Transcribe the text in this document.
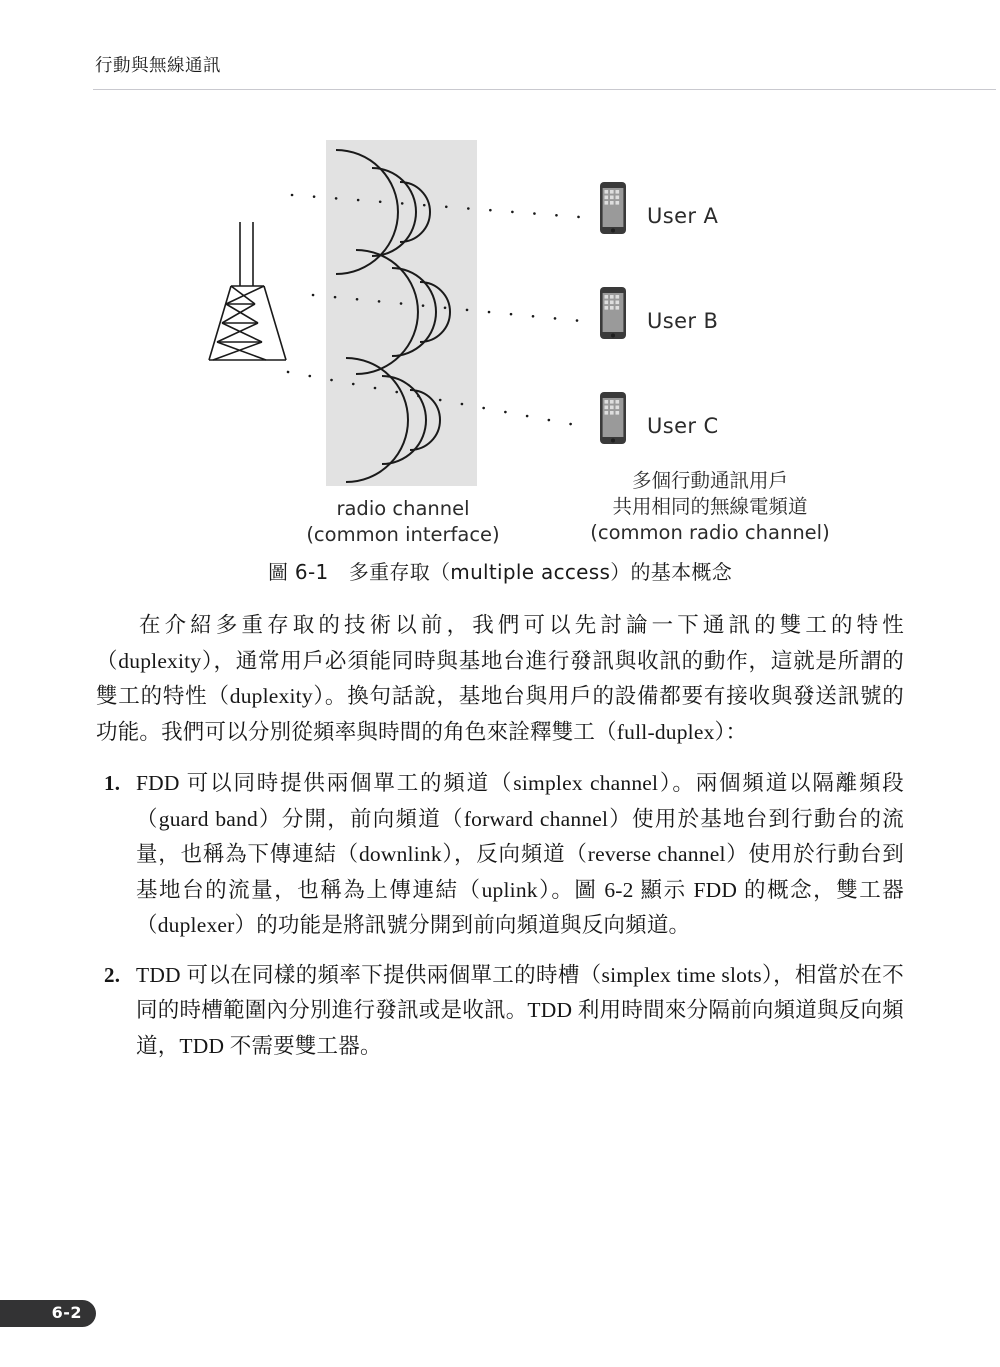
行動與無線通訊
User A
User B
User C
radio channel
(common interface)
多個行動通訊用戶
共用相同的無線電頻道
(common radio channel)
圖 6-1　多重存取（multiple access）的基本概念

在介紹多重存取的技術以前，我們可以先討論一下通訊的雙工的特性（duplexity），通常用戶必須能同時與基地台進行發訊與收訊的動作，這就是所謂的雙工的特性（duplexity）。換句話說，基地台與用戶的設備都要有接收與發送訊號的功能。我們可以分別從頻率與時間的角色來詮釋雙工（full-duplex）：

1. FDD 可以同時提供兩個單工的頻道（simplex channel）。兩個頻道以隔離頻段（guard band）分開，前向頻道（forward channel）使用於基地台到行動台的流量，也稱為下傳連結（downlink），反向頻道（reverse channel）使用於行動台到基地台的流量，也稱為上傳連結（uplink）。圖 6-2 顯示 FDD 的概念，雙工器（duplexer）的功能是將訊號分開到前向頻道與反向頻道。
2. TDD 可以在同樣的頻率下提供兩個單工的時槽（simplex time slots），相當於在不同的時槽範圍內分別進行發訊或是收訊。TDD 利用時間來分隔前向頻道與反向頻道，TDD 不需要雙工器。
6-2
